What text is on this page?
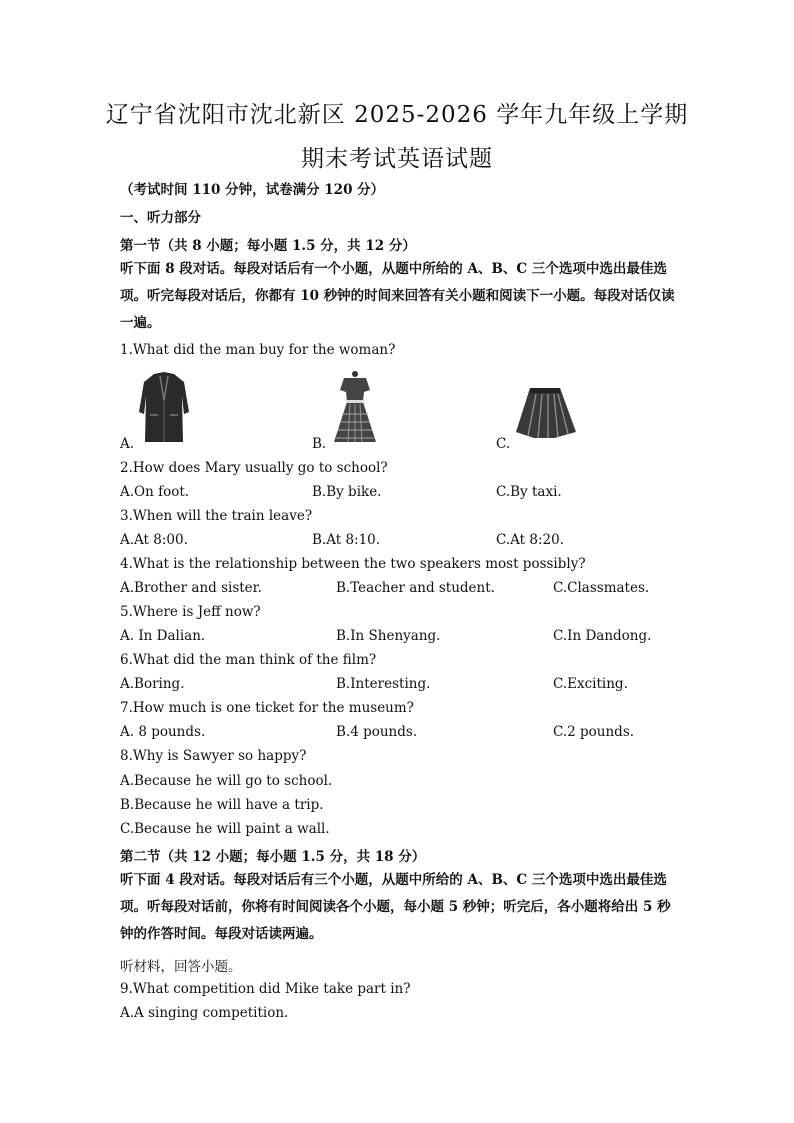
辽宁省沈阳市沈北新区 2025-2026 学年九年级上学期
期末考试英语试题
（考试时间 110 分钟，试卷满分 120 分）
一、听力部分
第一节（共 8 小题；每小题 1.5 分，共 12 分）
听下面 8 段对话。每段对话后有一个小题，从题中所给的 A、B、C 三个选项中选出最佳选项。听完每段对话后，你都有 10 秒钟的时间来回答有关小题和阅读下一小题。每段对话仅读一遍。
1.What did the man buy for the woman?
A.	B.	C.
2.How does Mary usually go to school?
A.On foot.	B.By bike.	C.By taxi.
3.When will the train leave?
A.At 8:00.	B.At 8:10.	C.At 8:20.
4.What is the relationship between the two speakers most possibly?
A.Brother and sister.	B.Teacher and student.	C.Classmates.
5.Where is Jeff now?
A. In Dalian.	B.In Shenyang.	C.In Dandong.
6.What did the man think of the film?
A.Boring.	B.Interesting.	C.Exciting.
7.How much is one ticket for the museum?
A. 8 pounds.	B.4 pounds.	C.2 pounds.
8.Why is Sawyer so happy?
A.Because he will go to school.
B.Because he will have a trip.
C.Because he will paint a wall.
第二节（共 12 小题；每小题 1.5 分，共 18 分）
听下面 4 段对话。每段对话后有三个小题，从题中所给的 A、B、C 三个选项中选出最佳选项。听每段对话前，你将有时间阅读各个小题，每小题 5 秒钟；听完后，各小题将给出 5 秒钟的作答时间。每段对话读两遍。
听材料，回答小题。
9.What competition did Mike take part in?
A.A singing competition.
